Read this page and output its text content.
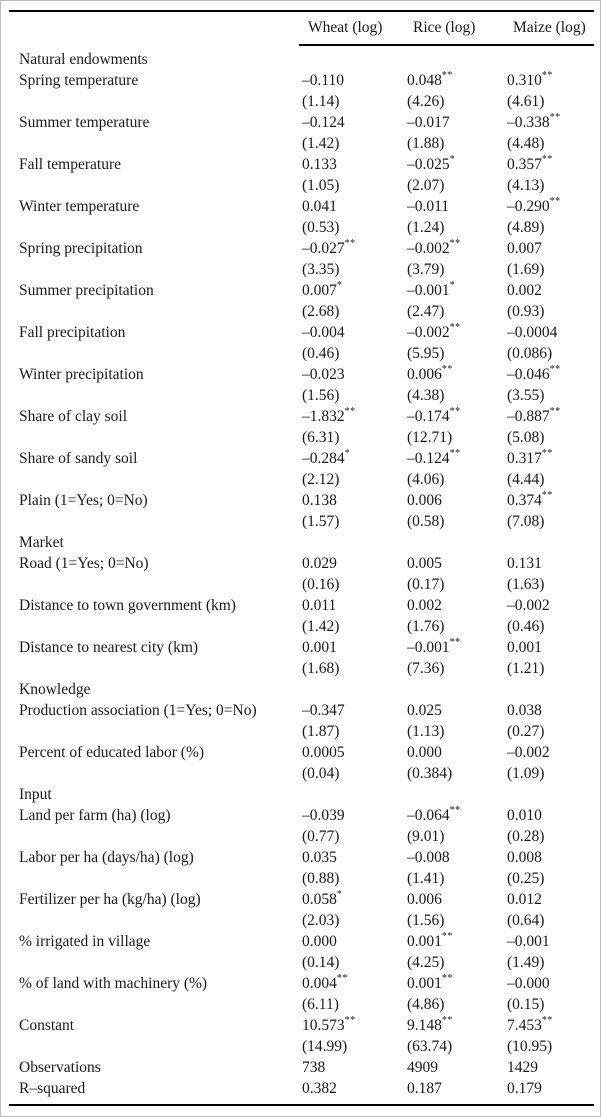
	Wheat (log)	Rice (log)	Maize (log)
Natural endowments			
Spring temperature	–0.110	0.048**	0.310**
	(1.14)	(4.26)	(4.61)
Summer temperature	–0.124	–0.017	–0.338**
	(1.42)	(1.88)	(4.48)
Fall temperature	0.133	–0.025*	0.357**
	(1.05)	(2.07)	(4.13)
Winter temperature	0.041	–0.011	–0.290**
	(0.53)	(1.24)	(4.89)
Spring precipitation	–0.027**	–0.002**	0.007
	(3.35)	(3.79)	(1.69)
Summer precipitation	0.007*	–0.001*	0.002
	(2.68)	(2.47)	(0.93)
Fall precipitation	–0.004	–0.002**	–0.0004
	(0.46)	(5.95)	(0.086)
Winter precipitation	–0.023	0.006**	–0.046**
	(1.56)	(4.38)	(3.55)
Share of clay soil	–1.832**	–0.174**	–0.887**
	(6.31)	(12.71)	(5.08)
Share of sandy soil	–0.284*	–0.124**	0.317**
	(2.12)	(4.06)	(4.44)
Plain (1=Yes; 0=No)	0.138	0.006	0.374**
	(1.57)	(0.58)	(7.08)
Market			
Road (1=Yes; 0=No)	0.029	0.005	0.131
	(0.16)	(0.17)	(1.63)
Distance to town government (km)	0.011	0.002	–0.002
	(1.42)	(1.76)	(0.46)
Distance to nearest city (km)	0.001	–0.001**	0.001
	(1.68)	(7.36)	(1.21)
Knowledge			
Production association (1=Yes; 0=No)	–0.347	0.025	0.038
	(1.87)	(1.13)	(0.27)
Percent of educated labor (%)	0.0005	0.000	–0.002
	(0.04)	(0.384)	(1.09)
Input			
Land per farm (ha) (log)	–0.039	–0.064**	0.010
	(0.77)	(9.01)	(0.28)
Labor per ha (days/ha) (log)	0.035	–0.008	0.008
	(0.88)	(1.41)	(0.25)
Fertilizer per ha (kg/ha) (log)	0.058*	0.006	0.012
	(2.03)	(1.56)	(0.64)
% irrigated in village	0.000	0.001**	–0.001
	(0.14)	(4.25)	(1.49)
% of land with machinery (%)	0.004**	0.001**	–0.000
	(6.11)	(4.86)	(0.15)
Constant	10.573**	9.148**	7.453**
	(14.99)	(63.74)	(10.95)
Observations	738	4909	1429
R–squared	0.382	0.187	0.179
